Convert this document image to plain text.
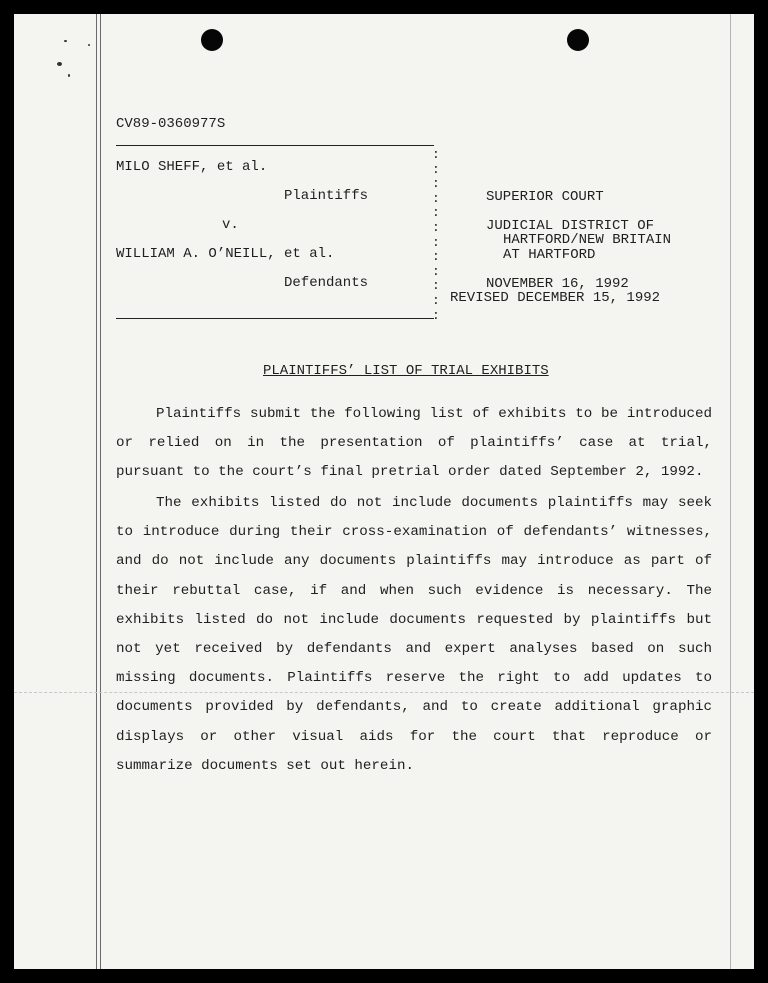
CV89-0360977S
MILO SHEFF, et al.
Plaintiffs
v.
WILLIAM A. O’NEILL, et al.
Defendants
:
:
:
:
:
:
:
:
:
:
:
:
SUPERIOR COURT
JUDICIAL DISTRICT OF
HARTFORD/NEW BRITAIN
AT HARTFORD
NOVEMBER 16, 1992
REVISED DECEMBER 15, 1992
PLAINTIFFS’ LIST OF TRIAL EXHIBITS

Plaintiffs submit the following list of exhibits to be introduced or relied on in the presentation of plaintiffs’ case at trial, pursuant to the court’s final pretrial order dated September 2, 1992.

The exhibits listed do not include documents plaintiffs may seek to introduce during their cross-examination of defendants’ witnesses, and do not include any documents plaintiffs may introduce as part of their rebuttal case, if and when such evidence is necessary. The exhibits listed do not include documents requested by plaintiffs but not yet received by defendants and expert analyses based on such missing documents. Plaintiffs reserve the right to add updates to documents provided by defendants, and to create additional graphic displays or other visual aids for the court that reproduce or summarize documents set out herein.
